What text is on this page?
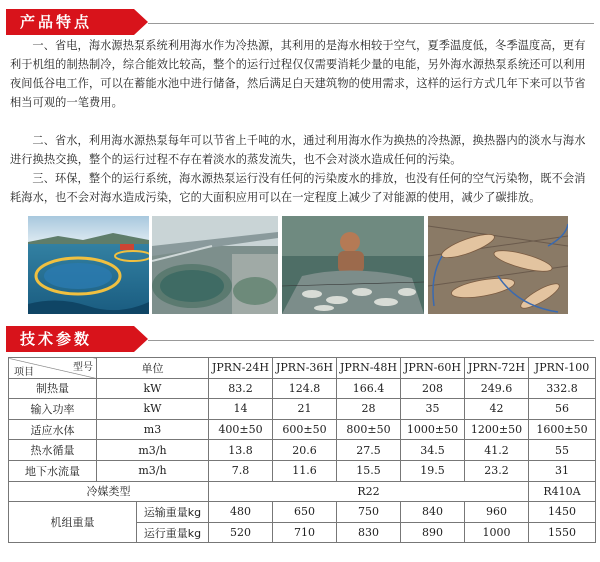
产品特点

一、省电，海水源热泵系统利用海水作为冷热源，其利用的是海水相较于空气，夏季温度低，冬季温度高，更有利于机组的制热制冷，综合能效比较高，整个的运行过程仅仅需要消耗少量的电能，另外海水源热泵系统还可以利用夜间低谷电工作，可以在蓄能水池中进行储备，然后满足白天建筑物的使用需求，这样的运行方式几年下来可以节省相当可观的一笔费用。

二、省水，利用海水源热泵每年可以节省上千吨的水，通过利用海水作为换热的冷热源，换热器内的淡水与海水进行换热交换，整个的运行过程不存在着淡水的蒸发流失，也不会对淡水造成任何的污染。

三、环保，整个的运行系统，海水源热泵运行没有任何的污染废水的排放，也没有任何的空气污染物，既不会消耗海水，也不会对海水造成污染，它的大面积应用可以在一定程度上减少了对能源的使用，减少了碳排放。

技术参数
型号
项目	单位		JPRN-24H	JPRN-36H	JPRN-48H	JPRN-60H	JPRN-72H	JPRN-100
制热量	kW		83.2	124.8	166.4	208	249.6	332.8
输入功率	kW		14	21	28	35	42	56
适应水体	m3		400±50	600±50	800±50	1000±50	1200±50	1600±50
热水循量	m3/h		13.8	20.6	27.5	34.5	41.2	55
地下水流量	m3/h		7.8	11.6	15.5	19.5	23.2	31
冷媒类型			R22					R410A
机组重量		运输重量kg	480	650	750	840	960	1450
		运行重量kg	520	710	830	890	1000	1550
